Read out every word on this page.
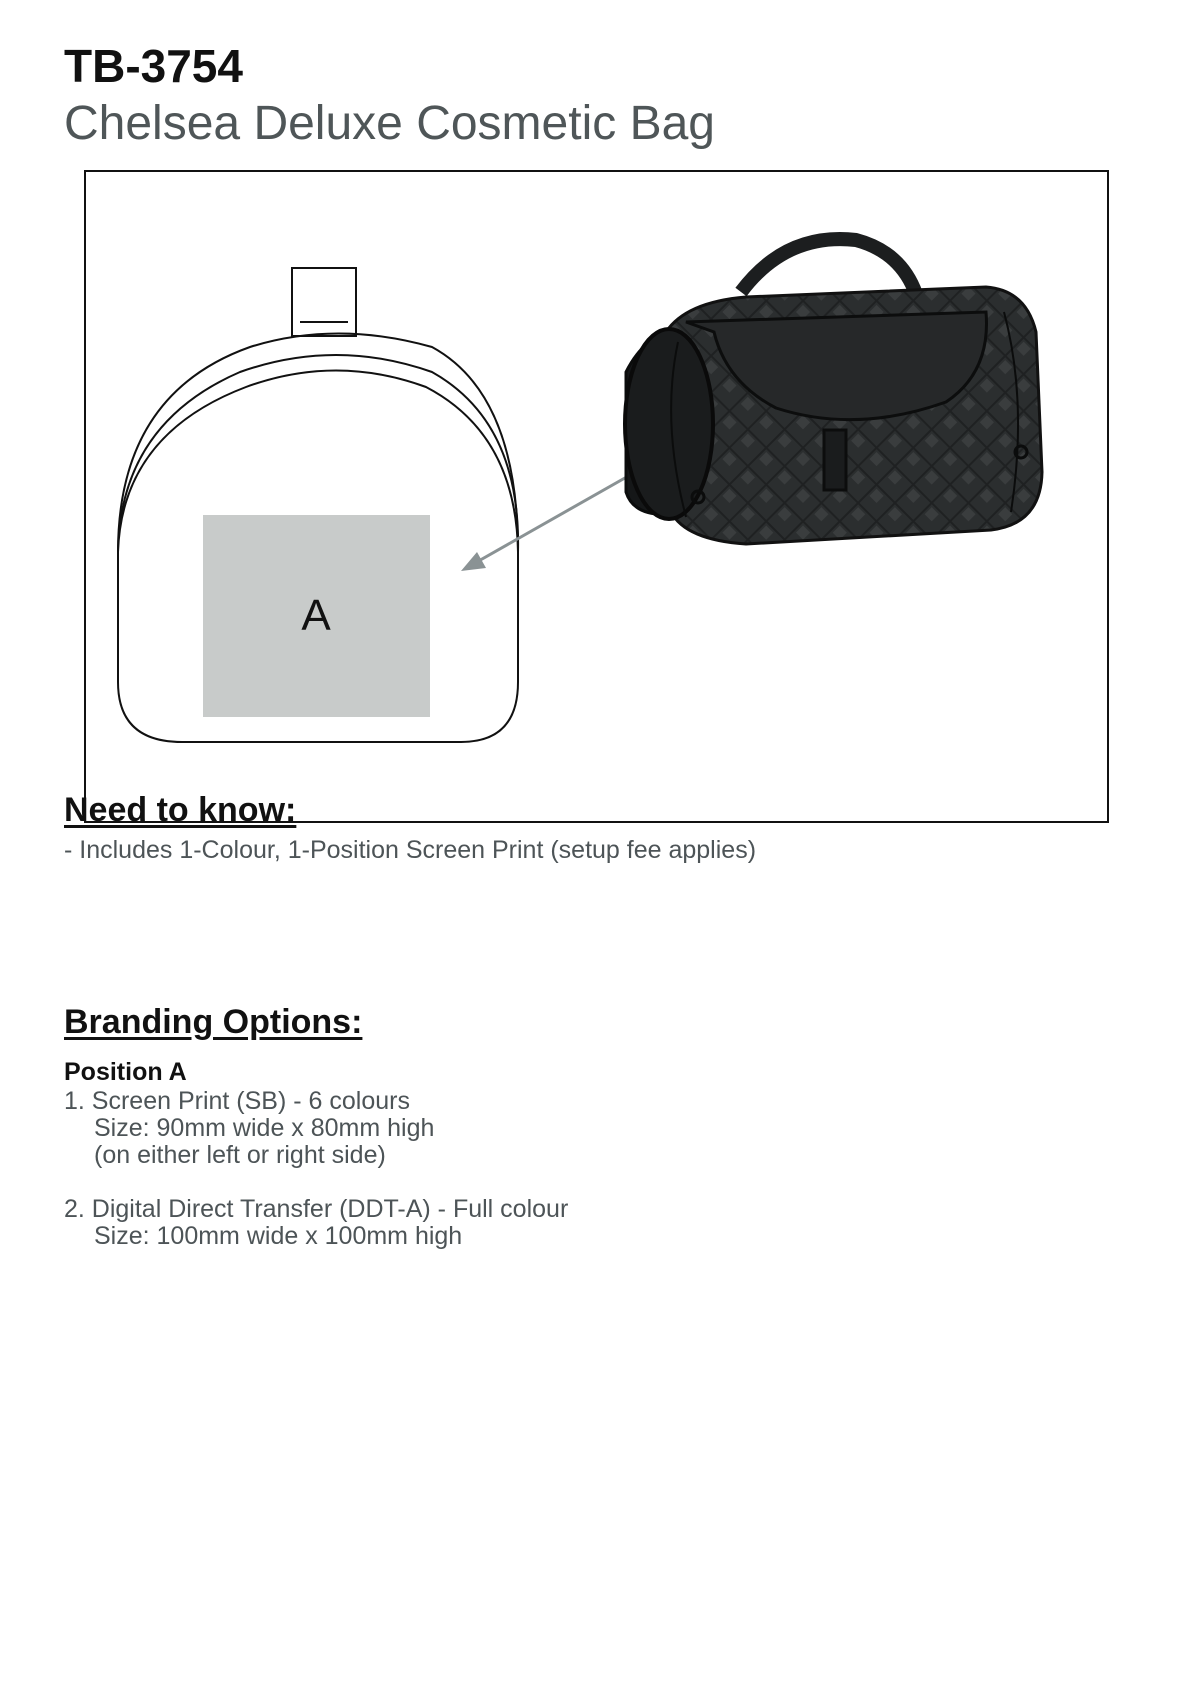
TB-3754
Chelsea Deluxe Cosmetic Bag
A
Need to know:
- Includes 1-Colour, 1-Position Screen Print (setup fee applies)
Branding Options:
Position A
1. Screen Print (SB) - 6 colours
Size: 90mm wide x 80mm high
(on either left or right side)
2. Digital Direct Transfer (DDT-A) - Full colour
Size: 100mm wide x 100mm high
